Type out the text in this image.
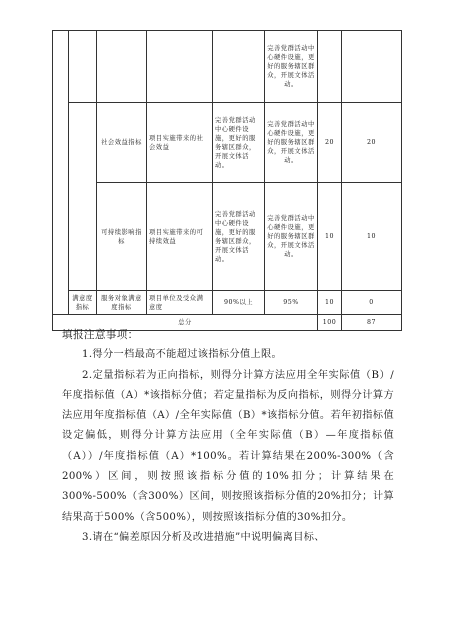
					完善党群活动中心硬件设施，更好的服务辖区群众，开展文体活动。		
		社会效益指标	项目实施带来的社会效益	完善党群活动中心硬件设施，更好的服务辖区群众，开展文体活动。	完善党群活动中心硬件设施，更好的服务辖区群众，开展文体活动。	20	20
		可持续影响指标	项目实施带来的可持续效益	完善党群活动中心硬件设施，更好的服务辖区群众，开展文体活动。	完善党群活动中心硬件设施，更好的服务辖区群众，开展文体活动。	10	10
	满意度指标	服务对象满意度指标	项目单位及受众满意度	90%以上	95%	10	0
总分						100	87

填报注意事项：

1.得分一档最高不能超过该指标分值上限。

2.定量指标若为正向指标，则得分计算方法应用全年实际值（B）/年度指标值（A）*该指标分值；若定量指标为反向指标，则得分计算方法应用年度指标值（A）/全年实际值（B）*该指标分值。若年初指标值设定偏低，则得分计算方法应用（全年实际值（B）—年度指标值（A））/年度指标值（A）*100%。若计算结果在200%-300%（含200%）区间，则按照该指标分值的10%扣分；计算结果在300%-500%（含300%）区间，则按照该指标分值的20%扣分；计算结果高于500%（含500%），则按照该指标分值的30%扣分。

3.请在“偏差原因分析及改进措施”中说明偏离目标、
